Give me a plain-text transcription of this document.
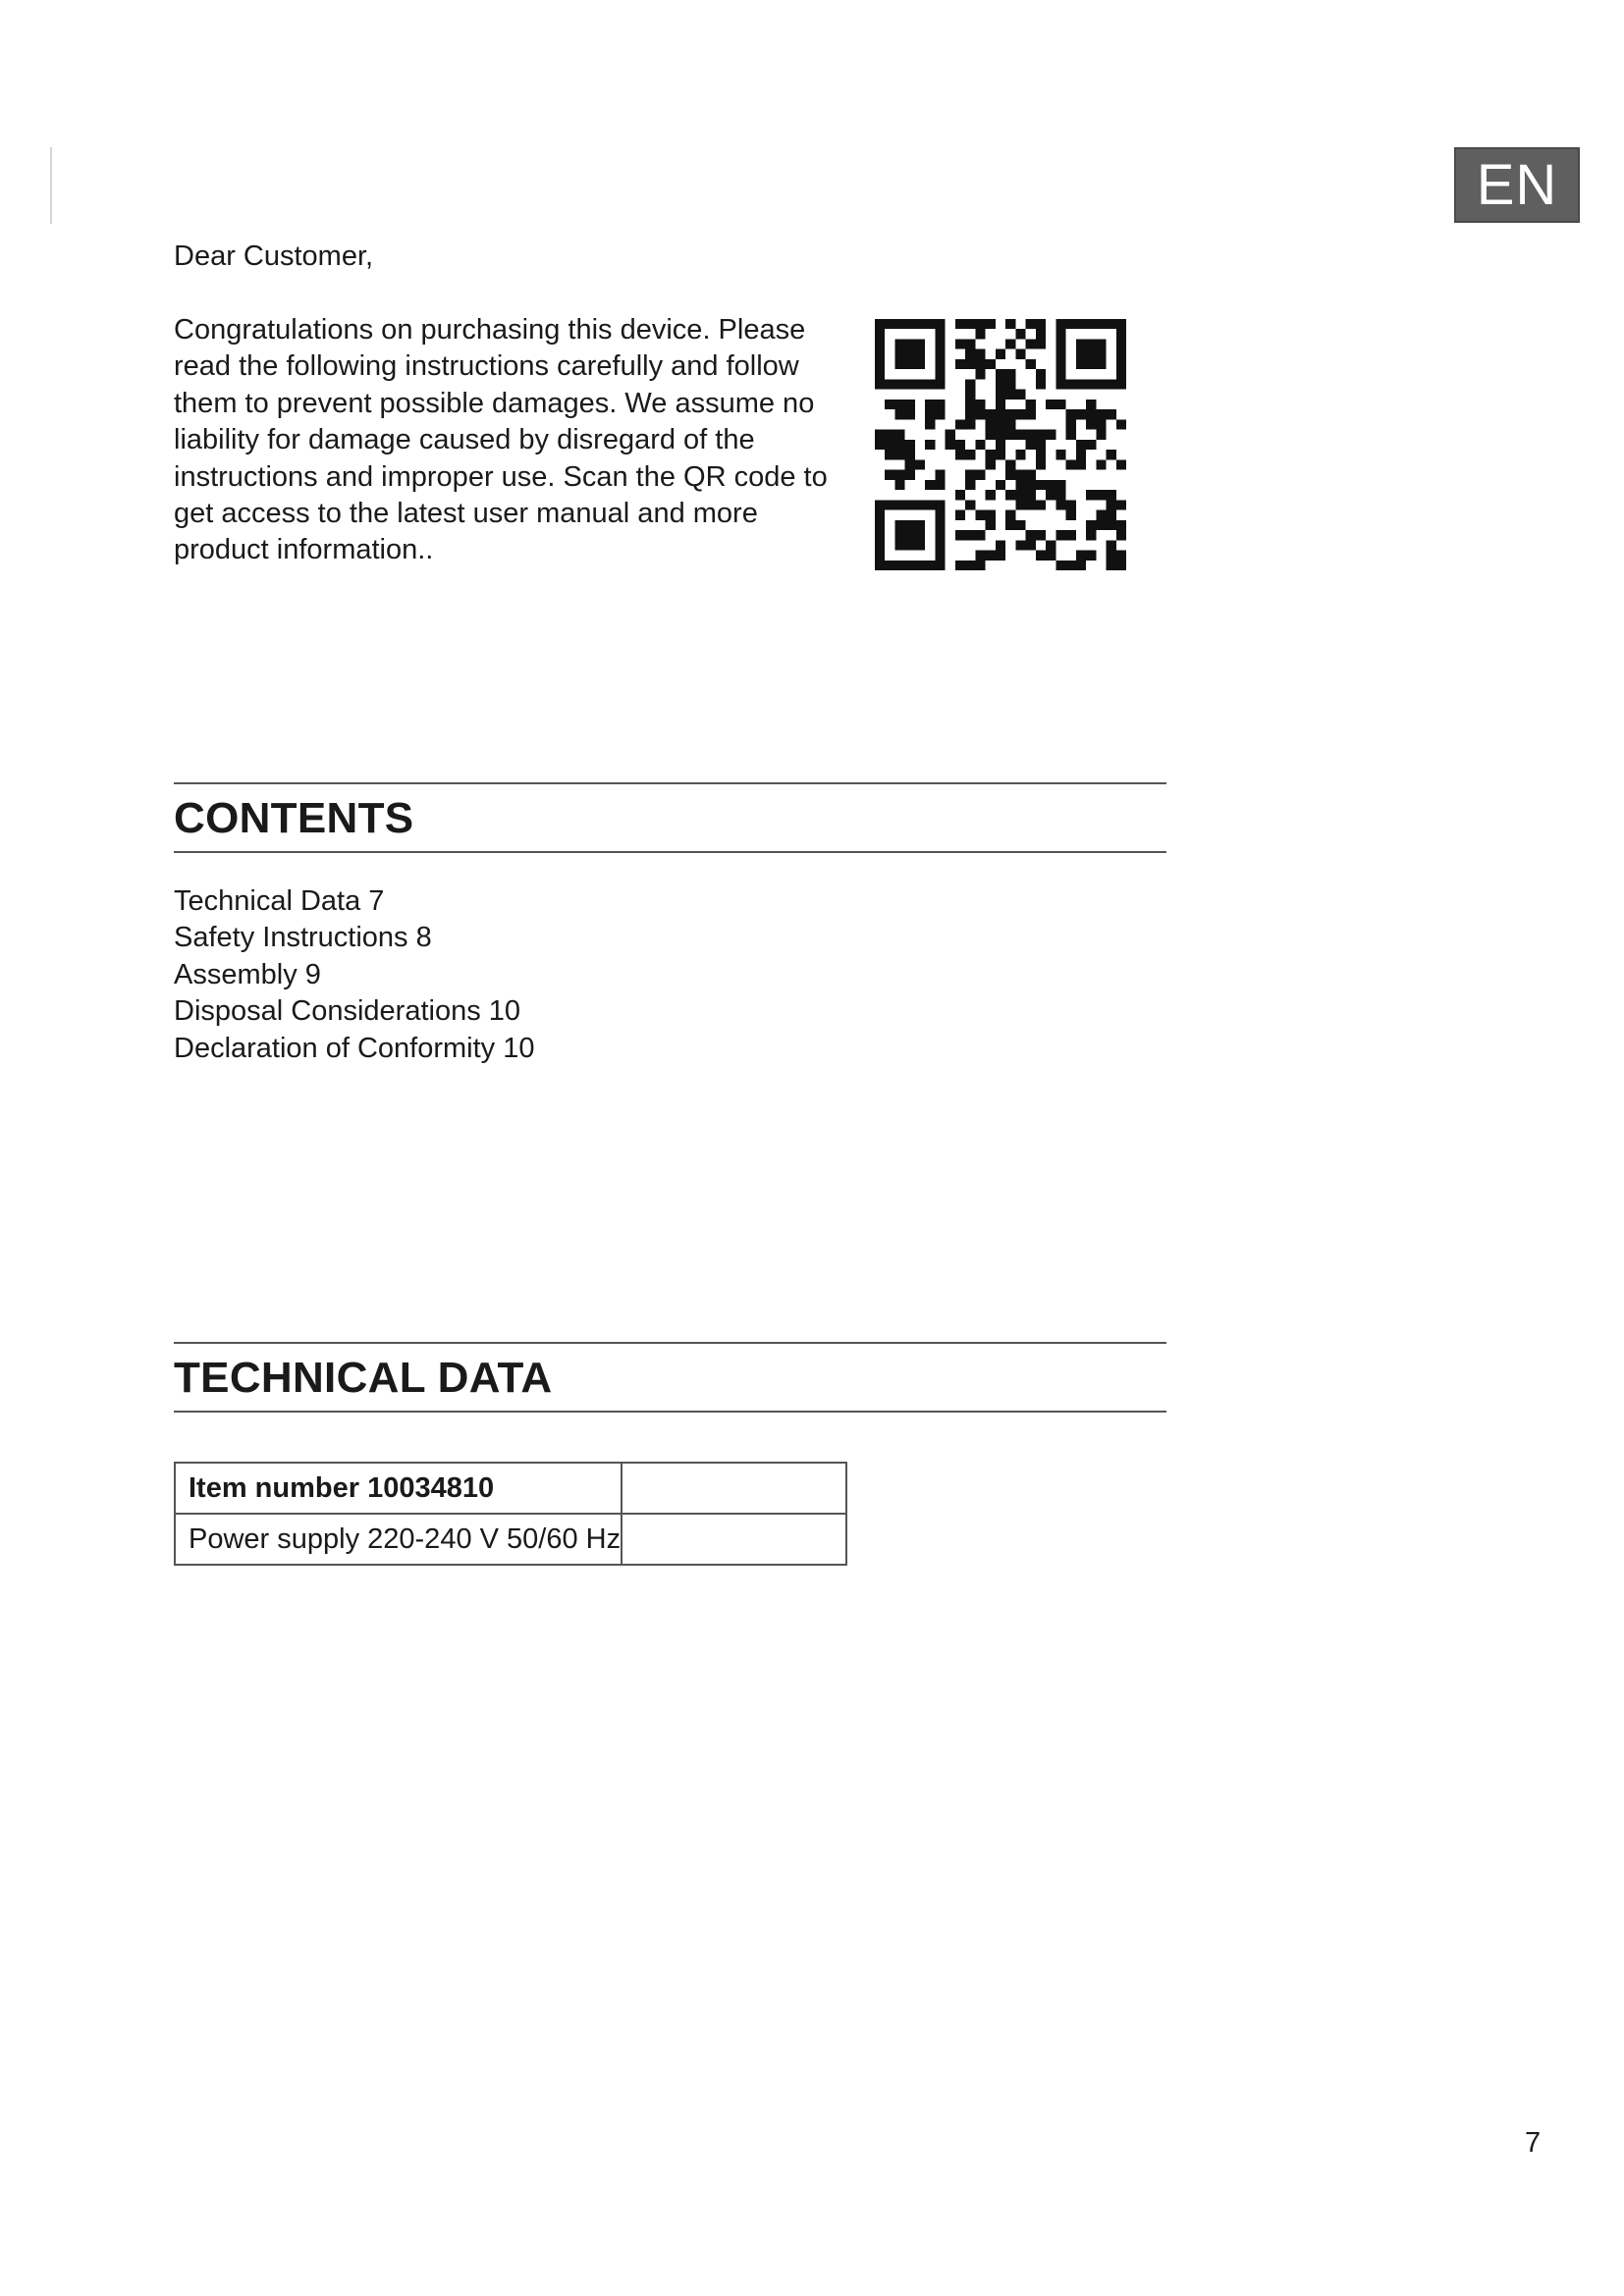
EN
Dear Customer,

Congratulations on purchasing this device. Please read the following instructions carefully and follow them to prevent possible damages. We assume no liability for damage caused by disregard of the instructions and improper use. Scan the QR code to get access to the latest user manual and more product information..

CONTENTS
Technical Data 7
Safety Instructions 8
Assembly 9
Disposal Considerations 10
Declaration of Conformity 10
TECHNICAL DATA
Item number 10034810	
Power supply 220-240 V 50/60 Hz	
7
